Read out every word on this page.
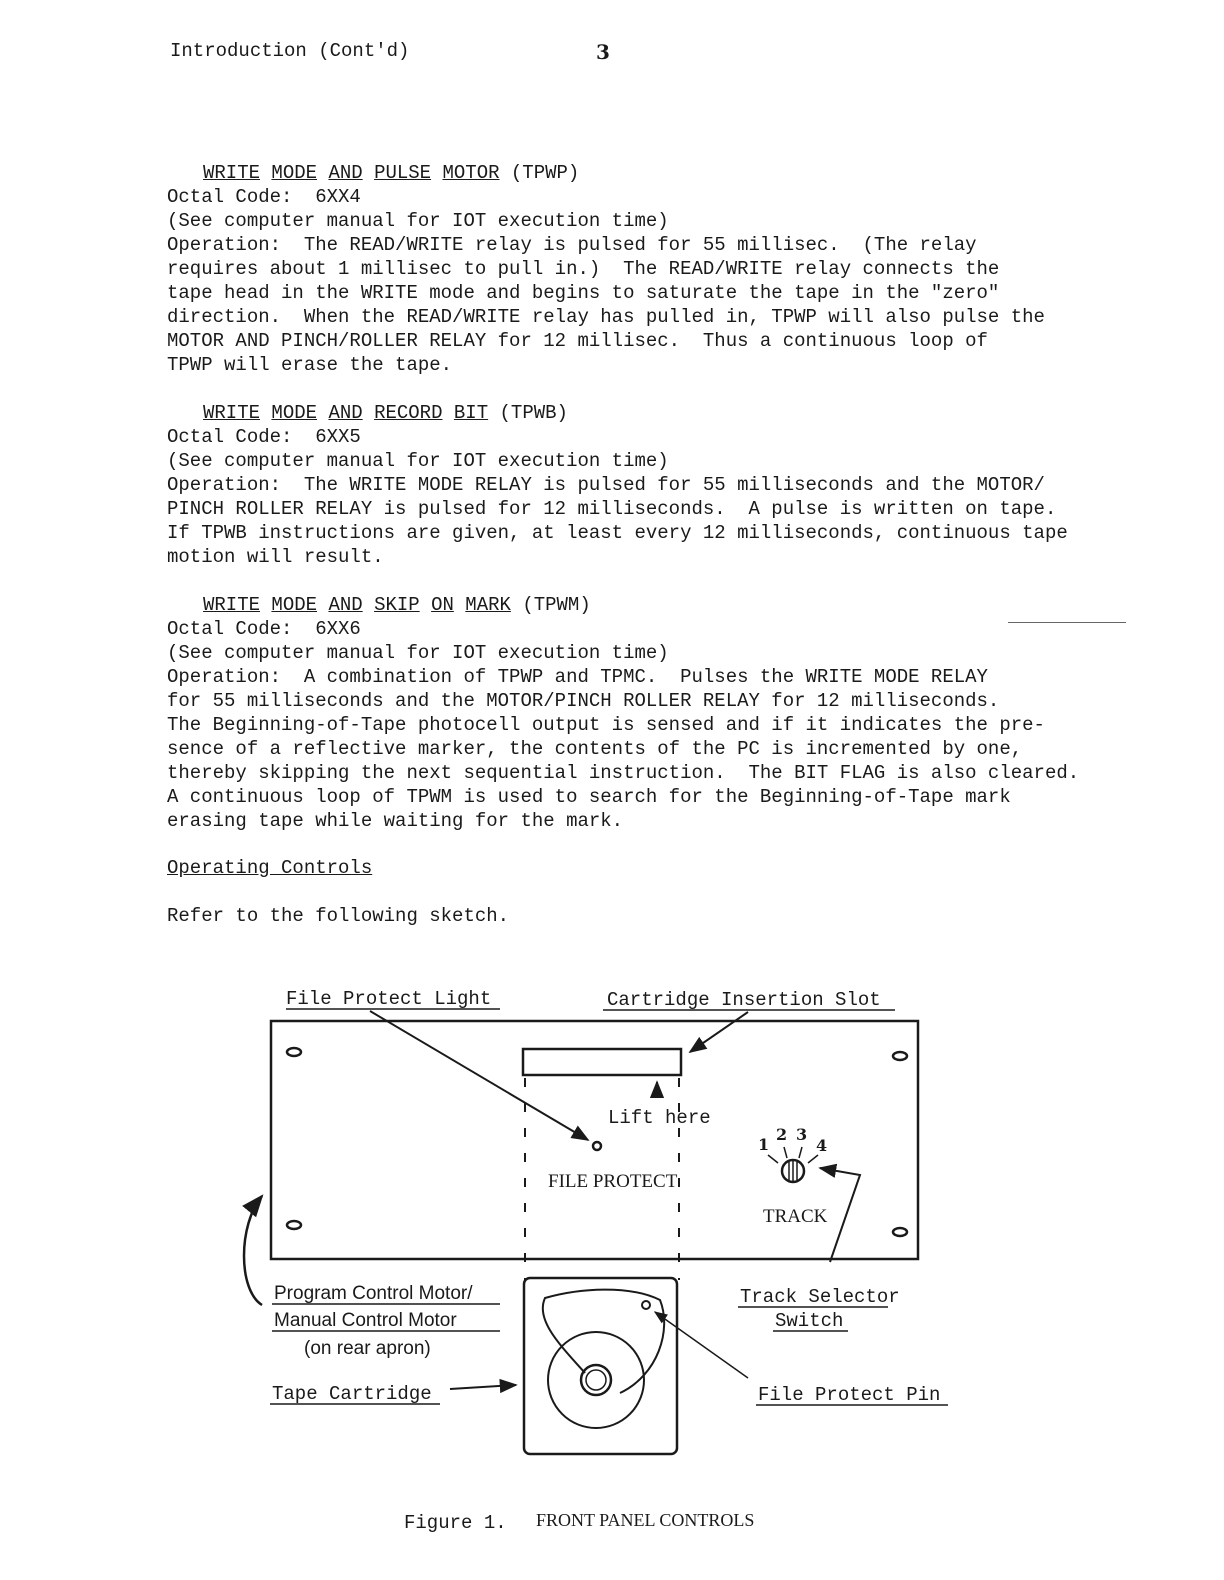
Introduction (Cont'd)	3
WRITE MODE AND PULSE MOTOR (TPWP)
Octal Code:  6XX4
(See computer manual for IOT execution time)
Operation:  The READ/WRITE relay is pulsed for 55 millisec.  (The relay
requires about 1 millisec to pull in.)  The READ/WRITE relay connects the
tape head in the WRITE mode and begins to saturate the tape in the "zero"
direction.  When the READ/WRITE relay has pulled in, TPWP will also pulse the
MOTOR AND PINCH/ROLLER RELAY for 12 millisec.  Thus a continuous loop of
TPWP will erase the tape.
WRITE MODE AND RECORD BIT (TPWB)
Octal Code:  6XX5
(See computer manual for IOT execution time)
Operation:  The WRITE MODE RELAY is pulsed for 55 milliseconds and the MOTOR/
PINCH ROLLER RELAY is pulsed for 12 milliseconds.  A pulse is written on tape.
If TPWB instructions are given, at least every 12 milliseconds, continuous tape
motion will result.
WRITE MODE AND SKIP ON MARK (TPWM)
Octal Code:  6XX6
(See computer manual for IOT execution time)
Operation:  A combination of TPWP and TPMC.  Pulses the WRITE MODE RELAY
for 55 milliseconds and the MOTOR/PINCH ROLLER RELAY for 12 milliseconds.
The Beginning-of-Tape photocell output is sensed and if it indicates the pre-
sence of a reflective marker, the contents of the PC is incremented by one,
thereby skipping the next sequential instruction.  The BIT FLAG is also cleared.
A continuous loop of TPWM is used to search for the Beginning-of-Tape mark
erasing tape while waiting for the mark.
Operating Controls
Refer to the following sketch.
Lift here
FILE PROTECT
File Protect Light	Cartridge Insertion Slot
1
2 3
4
TRACK
Track Selector
Switch
Program Control Motor/
Manual Control Motor
(on rear apron)
Tape Cartridge	File Protect Pin
Figure 1. FRONT PANEL CONTROLS
